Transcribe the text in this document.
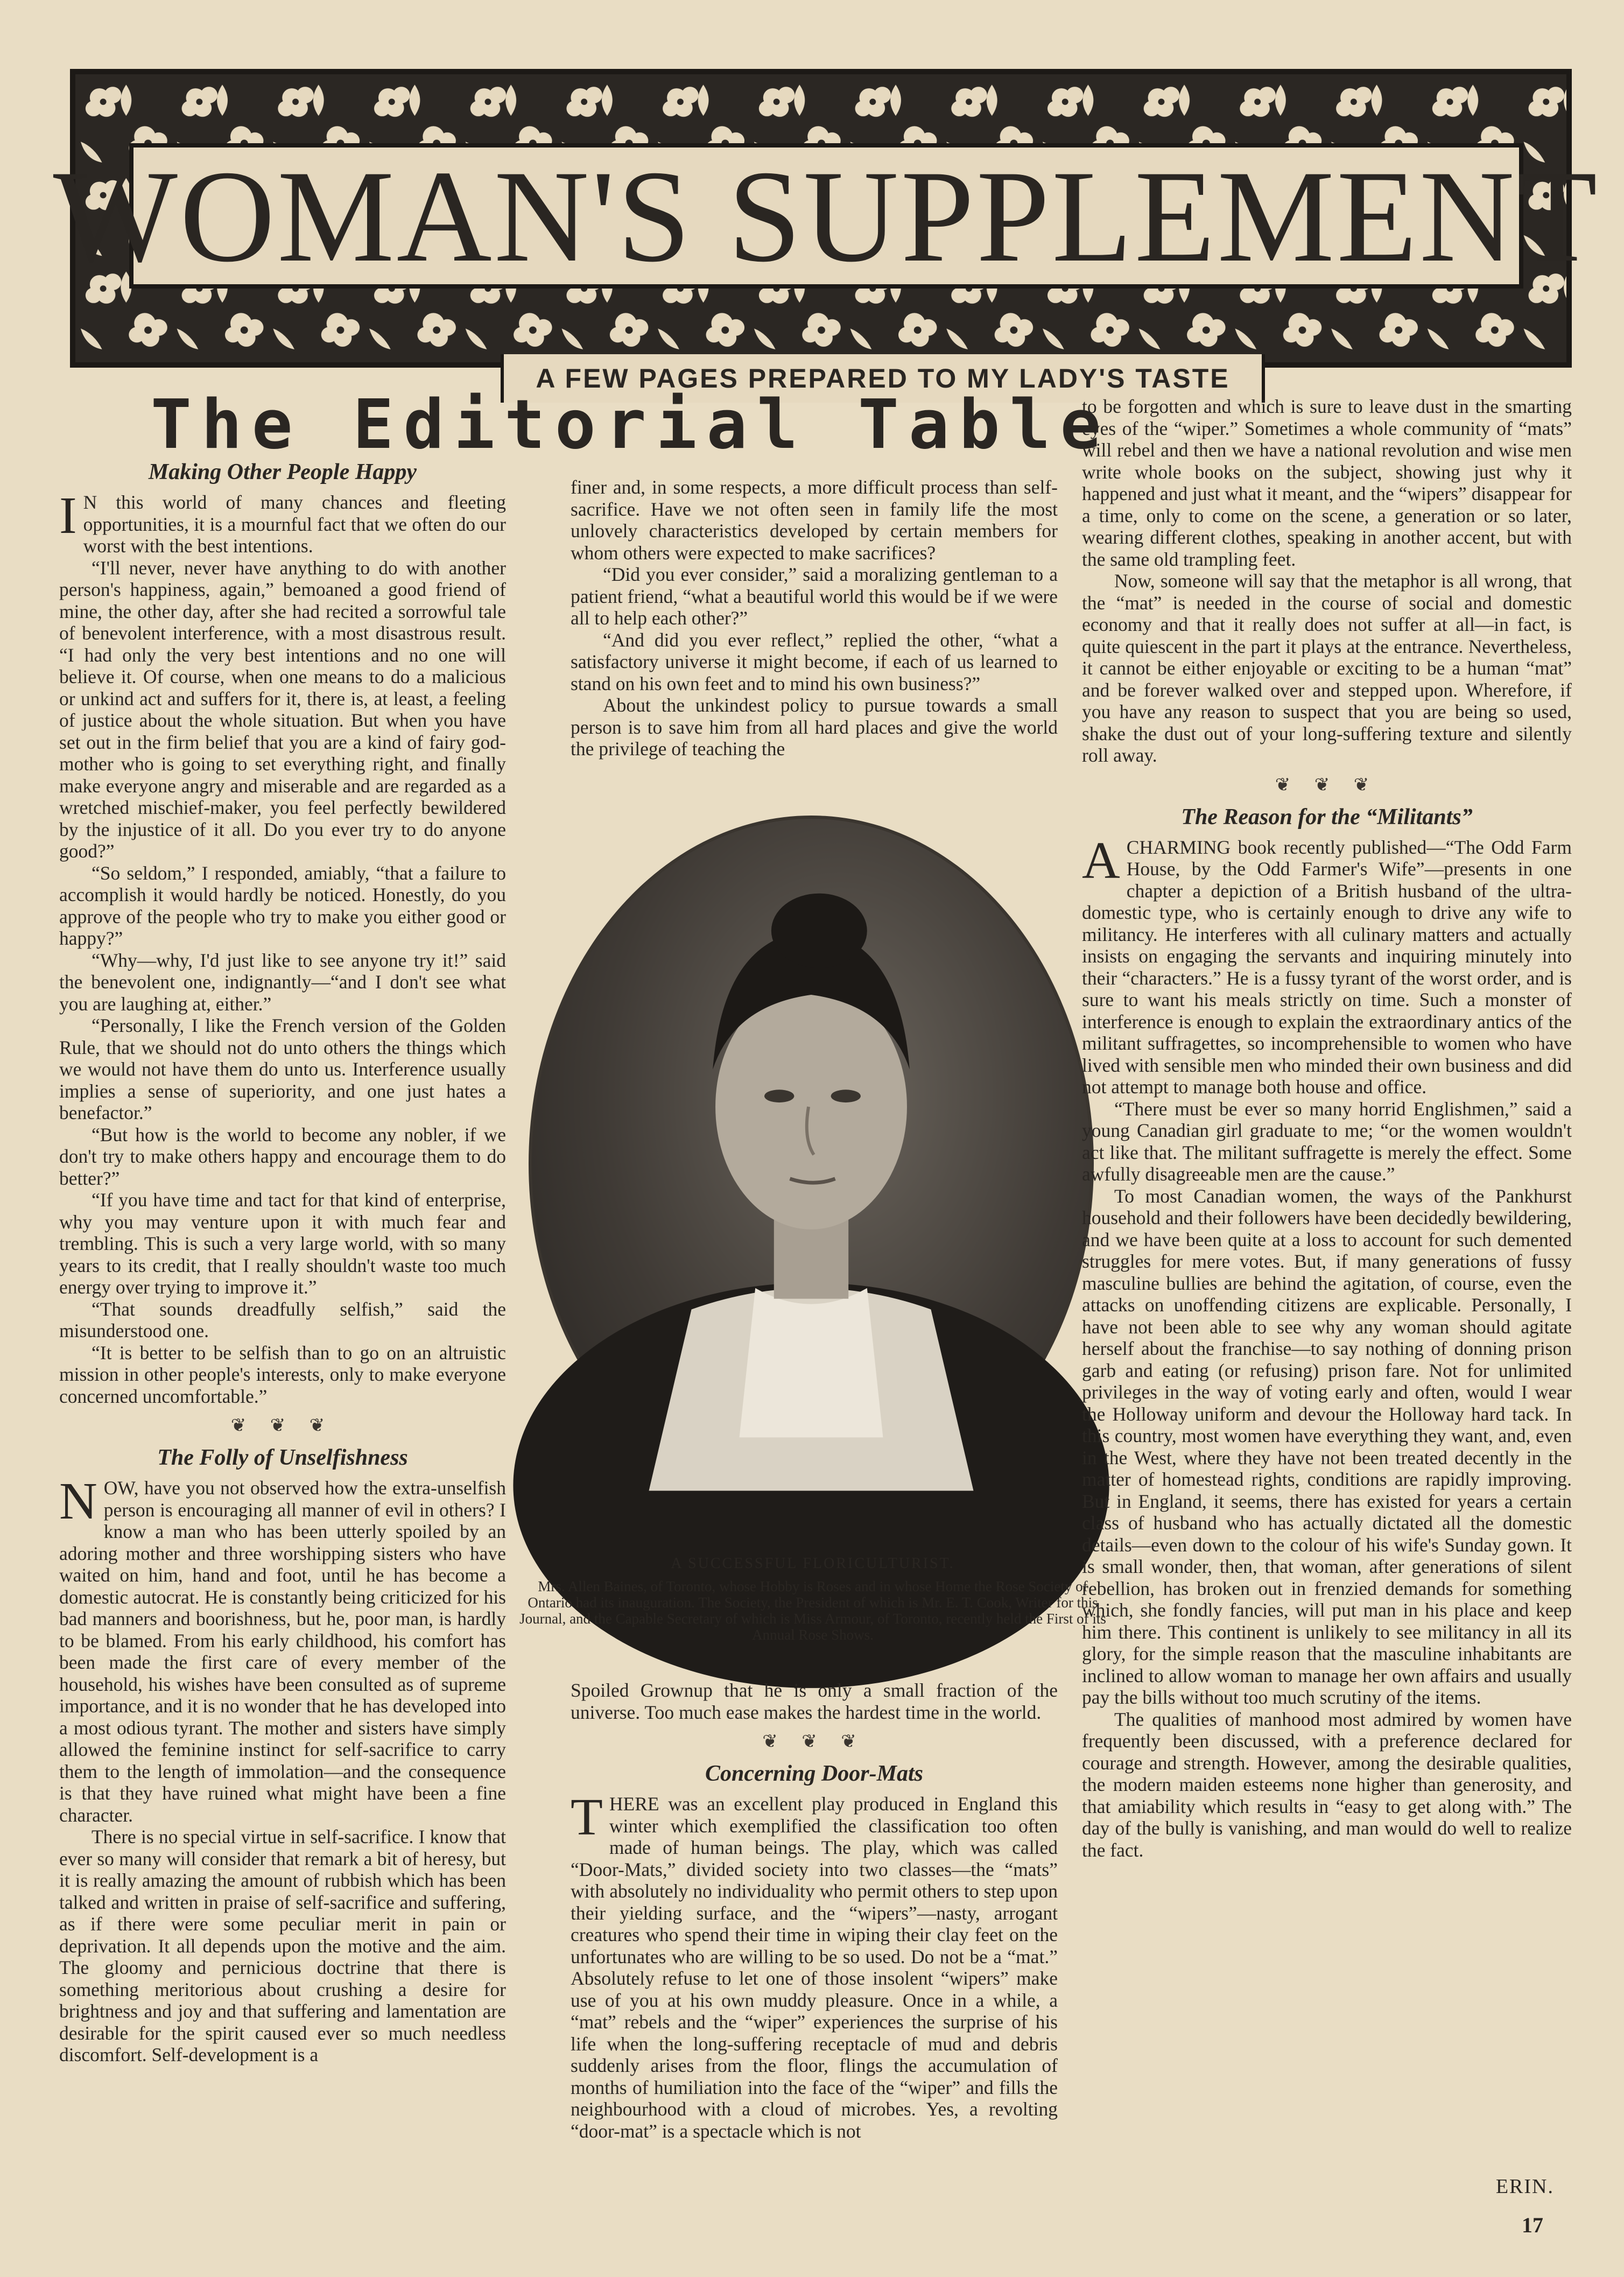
WOMAN'S SUPPLEMENT
A FEW PAGES PREPARED TO MY LADY'S TASTE
The Editorial Table
Making Other People Happy

I N this world of many chances and fleeting opportunities, it is a mournful fact that we often do our worst with the best intentions.

“I'll never, never have anything to do with another person's happiness, again,” bemoaned a good friend of mine, the other day, after she had recited a sorrowful tale of benevolent interference, with a most disastrous result. “I had only the very best intentions and no one will believe it. Of course, when one means to do a malicious or unkind act and suffers for it, there is, at least, a feeling of justice about the whole situation. But when you have set out in the firm belief that you are a kind of fairy god-mother who is going to set everything right, and finally make everyone angry and miserable and are regarded as a wretched mischief-maker, you feel perfectly bewildered by the injustice of it all. Do you ever try to do anyone good?”

“So seldom,” I responded, amiably, “that a failure to accomplish it would hardly be noticed. Honestly, do you approve of the people who try to make you either good or happy?”

“Why—why, I'd just like to see anyone try it!” said the benevolent one, indignantly—“and I don't see what you are laughing at, either.”

“Personally, I like the French version of the Golden Rule, that we should not do unto others the things which we would not have them do unto us. Interference usually implies a sense of superiority, and one just hates a benefactor.”

“But how is the world to become any nobler, if we don't try to make others happy and encourage them to do better?”

“If you have time and tact for that kind of enterprise, why you may venture upon it with much fear and trembling. This is such a very large world, with so many years to its credit, that I really shouldn't waste too much energy over trying to improve it.”

“That sounds dreadfully selfish,” said the misunderstood one.

“It is better to be selfish than to go on an altruistic mission in other people's interests, only to make everyone concerned uncomfortable.”

❦ ❦ ❦
The Folly of Unselfishness

NOW, have you not observed how the extra-unselfish person is encouraging all manner of evil in others? I know a man who has been utterly spoiled by an adoring mother and three worshipping sisters who have waited on him, hand and foot, until he has become a domestic autocrat. He is constantly being criticized for his bad manners and boorishness, but he, poor man, is hardly to be blamed. From his early childhood, his comfort has been made the first care of every member of the household, his wishes have been consulted as of supreme importance, and it is no wonder that he has developed into a most odious tyrant. The mother and sisters have simply allowed the feminine instinct for self-sacrifice to carry them to the length of immolation—and the consequence is that they have ruined what might have been a fine character.

There is no special virtue in self-sacrifice. I know that ever so many will consider that remark a bit of heresy, but it is really amazing the amount of rubbish which has been talked and written in praise of self-sacrifice and suffering, as if there were some peculiar merit in pain or deprivation. It all depends upon the motive and the aim. The gloomy and pernicious doctrine that there is something meritorious about crushing a desire for brightness and joy and that suffering and lamentation are desirable for the spirit caused ever so much needless discomfort. Self-development is a

finer and, in some respects, a more difficult process than self-sacrifice. Have we not often seen in family life the most unlovely characteristics developed by certain members for whom others were expected to make sacrifices?

“Did you ever consider,” said a moralizing gentleman to a patient friend, “what a beautiful world this would be if we were all to help each other?”

“And did you ever reflect,” replied the other, “what a satisfactory universe it might become, if each of us learned to stand on his own feet and to mind his own business?”

About the unkindest policy to pursue towards a small person is to save him from all hard places and give the world the privilege of teaching the

A SUCCESSFUL FLORICULTURIST.
Mrs. Allen Baines, of Toronto, whose Hobby is Roses and in whose Home the Rose Society of Ontario had its inauguration. The Society, the President of which is Mr. E. T. Cook, Writer for this Journal, and the Capable Secretary of which is Miss Armour, of Toronto, recently held the First of its Annual Rose Shows.

Spoiled Grownup that he is only a small fraction of the universe. Too much ease makes the hardest time in the world.

❦ ❦ ❦
Concerning Door-Mats

THERE was an excellent play produced in England this winter which exemplified the classification too often made of human beings. The play, which was called “Door-Mats,” divided society into two classes—the “mats” with absolutely no individuality who permit others to step upon their yielding surface, and the “wipers”—nasty, arrogant creatures who spend their time in wiping their clay feet on the unfortunates who are willing to be so used. Do not be a “mat.” Absolutely refuse to let one of those insolent “wipers” make use of you at his own muddy pleasure. Once in a while, a “mat” rebels and the “wiper” experiences the surprise of his life when the long-suffering receptacle of mud and debris suddenly arises from the floor, flings the accumulation of months of humiliation into the face of the “wiper” and fills the neighbourhood with a cloud of microbes. Yes, a revolting “door-mat” is a spectacle which is not

to be forgotten and which is sure to leave dust in the smarting eyes of the “wiper.” Sometimes a whole community of “mats” will rebel and then we have a national revolution and wise men write whole books on the subject, showing just why it happened and just what it meant, and the “wipers” disappear for a time, only to come on the scene, a generation or so later, wearing different clothes, speaking in another accent, but with the same old trampling feet.

Now, someone will say that the metaphor is all wrong, that the “mat” is needed in the course of social and domestic economy and that it really does not suffer at all—in fact, is quite quiescent in the part it plays at the entrance. Nevertheless, it cannot be either enjoyable or exciting to be a human “mat” and be forever walked over and stepped upon. Wherefore, if you have any reason to suspect that you are being so used, shake the dust out of your long-suffering texture and silently roll away.

❦ ❦ ❦
The Reason for the “Militants”

ACHARMING book recently published—“The Odd Farm House, by the Odd Farmer's Wife”—presents in one chapter a depiction of a British husband of the ultra-domestic type, who is certainly enough to drive any wife to militancy. He interferes with all culinary matters and actually insists on engaging the servants and inquiring minutely into their “characters.” He is a fussy tyrant of the worst order, and is sure to want his meals strictly on time. Such a monster of interference is enough to explain the extraordinary antics of the militant suffragettes, so incomprehensible to women who have lived with sensible men who minded their own business and did not attempt to manage both house and office.

“There must be ever so many horrid Englishmen,” said a young Canadian girl graduate to me; “or the women wouldn't act like that. The militant suffragette is merely the effect. Some awfully disagreeable men are the cause.”

To most Canadian women, the ways of the Pankhurst household and their followers have been decidedly bewildering, and we have been quite at a loss to account for such demented struggles for mere votes. But, if many generations of fussy masculine bullies are behind the agitation, of course, even the attacks on unoffending citizens are explicable. Personally, I have not been able to see why any woman should agitate herself about the franchise—to say nothing of donning prison garb and eating (or refusing) prison fare. Not for unlimited privileges in the way of voting early and often, would I wear the Holloway uniform and devour the Holloway hard tack. In this country, most women have everything they want, and, even in the West, where they have not been treated decently in the matter of homestead rights, conditions are rapidly improving. But in England, it seems, there has existed for years a certain class of husband who has actually dictated all the domestic details—even down to the colour of his wife's Sunday gown. It is small wonder, then, that woman, after generations of silent rebellion, has broken out in frenzied demands for something which, she fondly fancies, will put man in his place and keep him there. This continent is unlikely to see militancy in all its glory, for the simple reason that the masculine inhabitants are inclined to allow woman to manage her own affairs and usually pay the bills without too much scrutiny of the items.

The qualities of manhood most admired by women have frequently been discussed, with a preference declared for courage and strength. However, among the desirable qualities, the modern maiden esteems none higher than generosity, and that amiability which results in “easy to get along with.” The day of the bully is vanishing, and man would do well to realize the fact.

ERIN.
17
